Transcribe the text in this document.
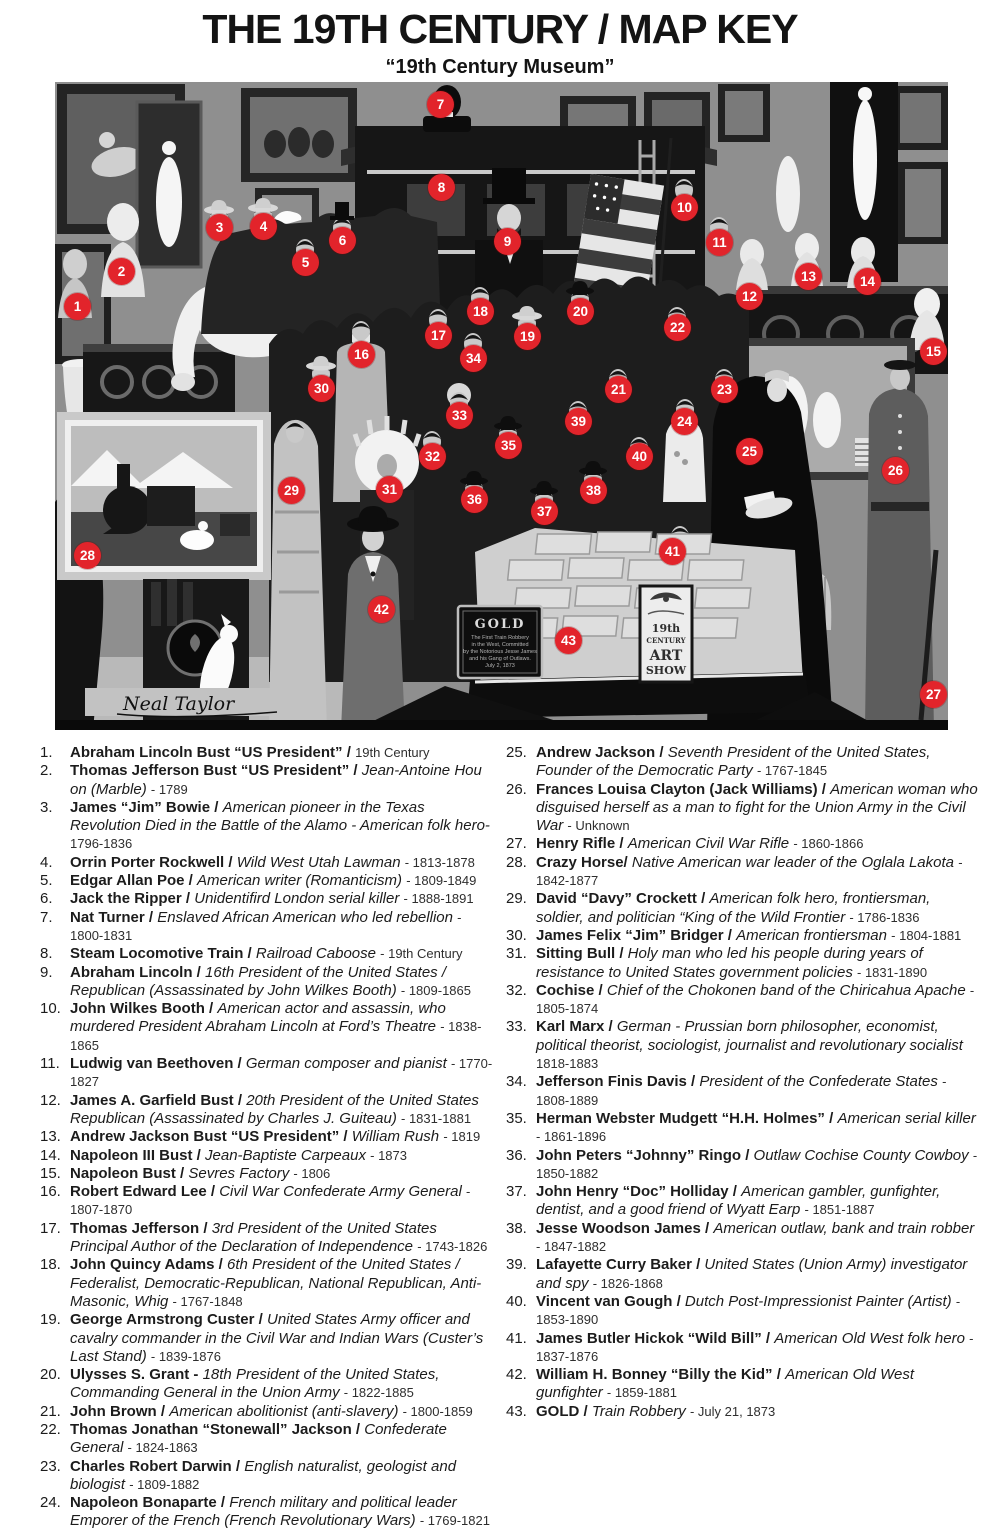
THE 19TH CENTURY / MAP KEY
“19th Century Museum”
GOLD
The First Train Robbery
in the West, Committed
by the Notorious Jesse James
and his Gang of Outlaws.
July 2, 1873
19th
CENTURY
ART
SHOW
Neal Taylor
1
2
3	4
5
6
7
8
9
10
11
12
13	14
15
16
17
18
19
20
21
22
23
24
25
26
27
28
29
30
31
32
33
34
35
36
37
38
39
40
41
42
43
1.	Abraham Lincoln Bust “US President” / 19th Century
2.	Thomas Jefferson Bust “US President” / Jean-Antoine Hou on (Marble) - 1789
3.	James “Jim” Bowie / American pioneer in the Texas Revolution Died in the Battle of the Alamo - American folk hero- 1796-1836
4.	Orrin Porter Rockwell / Wild West Utah Lawman - 1813-1878
5.	Edgar Allan Poe / American writer (Romanticism) - 1809-1849
6.	Jack the Ripper / Unidentifird London serial killer - 1888-1891
7.	Nat Turner / Enslaved African American who led rebellion - 1800-1831
8.	Steam Locomotive Train / Railroad Caboose - 19th Century
9.	Abraham Lincoln / 16th President of the United States / Republican (Assassinated by John Wilkes Booth) - 1809-1865
10. John Wilkes Booth / American actor and assassin, who murdered President Abraham Lincoln at Ford’s Theatre - 1838-1865
11. Ludwig van Beethoven / German composer and pianist - 1770-1827
12. James A. Garfield Bust / 20th President of the United States Republican (Assassinated by Charles J. Guiteau) - 1831-1881
13. Andrew Jackson Bust “US President” / William Rush - 1819
14. Napoleon III Bust / Jean-Baptiste Carpeaux - 1873
15. Napoleon Bust / Sevres Factory - 1806
16. Robert Edward Lee / Civil War Confederate Army General - 1807-1870
17. Thomas Jefferson / 3rd President of the United States Principal Author of the Declaration of Independence - 1743-1826
18. John Quincy Adams / 6th President of the United States / Federalist, Democratic-Republican, National Republican, Anti-Masonic, Whig - 1767-1848
19. George Armstrong Custer / United States Army officer and cavalry commander in the Civil War and Indian Wars (Custer’s Last Stand) - 1839-1876
20. Ulysses S. Grant - 18th President of the United States, Commanding General in the Union Army - 1822-1885
21. John Brown / American abolitionist (anti-slavery) - 1800-1859
22. Thomas Jonathan “Stonewall” Jackson / Confederate General - 1824-1863
23. Charles Robert Darwin / English naturalist, geologist and biologist - 1809-1882
24. Napoleon Bonaparte / French military and political leader Emporer of the French (French Revolutionary Wars) - 1769-1821
25. Andrew Jackson / Seventh President of the United States, Founder of the Democratic Party - 1767-1845
26. Frances Louisa Clayton (Jack Williams) / American woman who disguised herself as a man to fight for the Union Army in the Civil War - Unknown
27. Henry Rifle / American Civil War Rifle - 1860-1866
28. Crazy Horse/ Native American war leader of the Oglala Lakota - 1842-1877
29. David “Davy” Crockett / American folk hero, frontiersman, soldier, and politician “King of the Wild Frontier - 1786-1836
30. James Felix “Jim” Bridger / American frontiersman - 1804-1881
31. Sitting Bull / Holy man who led his people during years of resistance to United States government policies - 1831-1890
32. Cochise / Chief of the Chokonen band of the Chiricahua Apache - 1805-1874
33. Karl Marx / German - Prussian born philosopher, economist, political theorist, sociologist, journalist and revolutionary socialist 1818-1883
34. Jefferson Finis Davis / President of the Confederate States - 1808-1889
35. Herman Webster Mudgett “H.H. Holmes” / American serial killer - 1861-1896
36. John Peters “Johnny” Ringo / Outlaw Cochise County Cowboy - 1850-1882
37. John Henry “Doc” Holliday / American gambler, gunfighter, dentist, and a good friend of Wyatt Earp - 1851-1887
38. Jesse Woodson James / American outlaw, bank and train robber - 1847-1882
39. Lafayette Curry Baker / United States (Union Army) investigator and spy - 1826-1868
40. Vincent van Gough / Dutch Post-Impressionist Painter (Artist) - 1853-1890
41. James Butler Hickok “Wild Bill” / American Old West folk hero - 1837-1876
42. William H. Bonney “Billy the Kid” / American Old West gunfighter - 1859-1881
43. GOLD / Train Robbery - July 21, 1873
